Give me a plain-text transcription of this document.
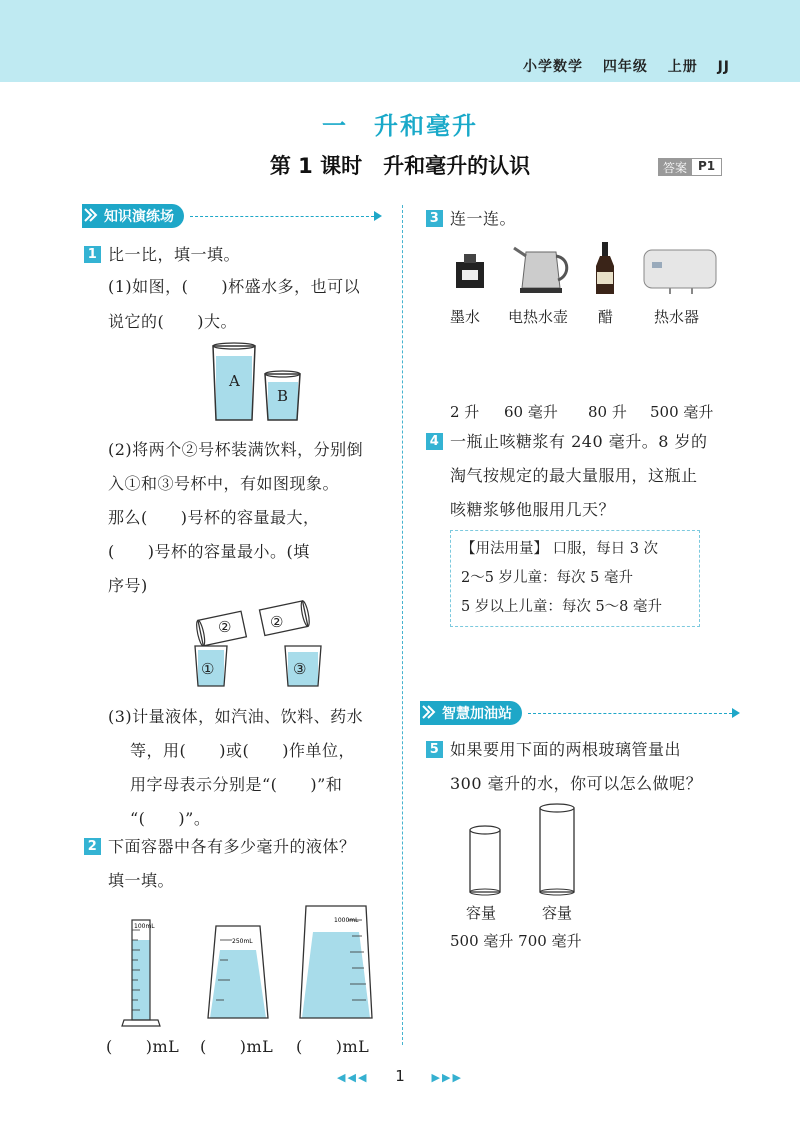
小学数学 四年级 上册 JJ
一　升和毫升
第 1 课时　升和毫升的认识	答案 P1
知识演练场
1 比一比，填一填。
(1)如图，(　　)杯盛水多，也可以
说它的(　　)大。
A
B
(2)将两个②号杯装满饮料，分别倒
入①和③号杯中，有如图现象。
那么(　　)号杯的容量最大，
(　　)号杯的容量最小。(填
序号)
②	②
①	③
(3)计量液体，如汽油、饮料、药水
等，用(　　)或(　　)作单位，
用字母表示分别是“(　　)”和
“(　　)”。
2 下面容器中各有多少毫升的液体？
填一填。
100mL
250mL
1000mL
(　　)mL (　　)mL (　　)mL
3 连一连。
墨水 电热水壶 醋	热水器
2 升 60 毫升 80 升 500 毫升
4 一瓶止咳糖浆有 240 毫升。8 岁的
淘气按规定的最大量服用，这瓶止
咳糖浆够他服用几天？
【用法用量】 口服，每日 3 次
2～5 岁儿童：每次 5 毫升
5 岁以上儿童：每次 5～8 毫升
智慧加油站
5 如果要用下面的两根玻璃管量出
300 毫升的水，你可以怎么做呢？
容量	容量
500 毫升 700 毫升
◀◀◀ 1 ▶▶▶
